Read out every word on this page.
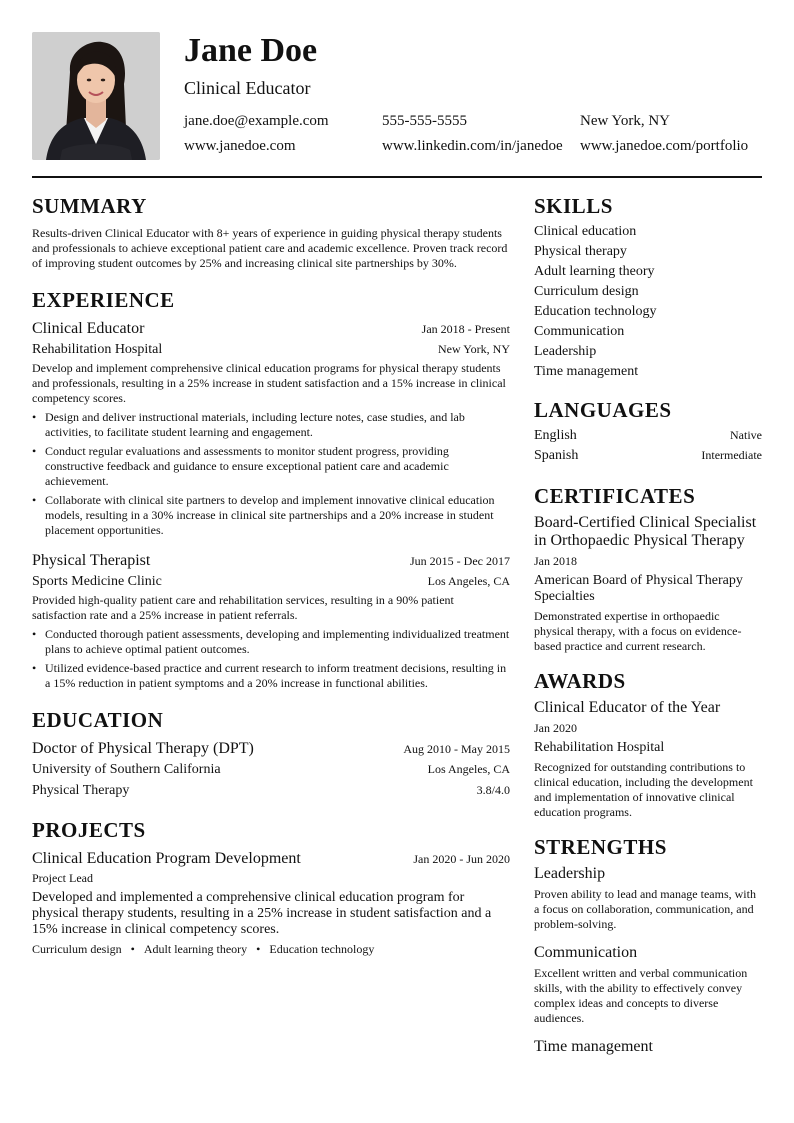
Jane Doe
Clinical Educator
jane.doe@example.com	555-555-5555	New York, NY
www.janedoe.com	www.linkedin.com/in/janedoe www.janedoe.com/portfolio
SUMMARY

Results-driven Clinical Educator with 8+ years of experience in guiding physical therapy students and professionals to achieve exceptional patient care and academic excellence. Proven track record of improving student outcomes by 25% and increasing clinical site partnerships by 30%.

EXPERIENCE
Clinical Educator	Jan 2018 - Present
Rehabilitation Hospital	New York, NY

Develop and implement comprehensive clinical education programs for physical therapy students and professionals, resulting in a 25% increase in student satisfaction and a 15% increase in clinical competency scores.

• Design and deliver instructional materials, including lecture notes, case studies, and lab activities, to facilitate student learning and engagement.
• Conduct regular evaluations and assessments to monitor student progress, providing constructive feedback and guidance to ensure exceptional patient care and academic achievement.
• Collaborate with clinical site partners to develop and implement innovative clinical education models, resulting in a 30% increase in clinical site partnerships and a 20% increase in student placement opportunities.
Physical Therapist	Jun 2015 - Dec 2017
Sports Medicine Clinic	Los Angeles, CA

Provided high-quality patient care and rehabilitation services, resulting in a 90% patient satisfaction rate and a 25% increase in patient referrals.

• Conducted thorough patient assessments, developing and implementing individualized treatment plans to achieve optimal patient outcomes.
• Utilized evidence-based practice and current research to inform treatment decisions, resulting in a 15% reduction in patient symptoms and a 20% increase in functional abilities.
EDUCATION
Doctor of Physical Therapy (DPT)	Aug 2010 - May 2015
University of Southern California	Los Angeles, CA
Physical Therapy	3.8/4.0
PROJECTS
Clinical Education Program Development	Jan 2020 - Jun 2020
Project Lead

Developed and implemented a comprehensive clinical education program for physical therapy students, resulting in a 25% increase in student satisfaction and a 15% increase in clinical competency scores.

Curriculum design • Adult learning theory • Education technology
SKILLS
Clinical education
Physical therapy
Adult learning theory
Curriculum design
Education technology
Communication
Leadership
Time management
LANGUAGES
English	Native
Spanish	Intermediate
CERTIFICATES
Board-Certified Clinical Specialist in Orthopaedic Physical Therapy
Jan 2018
American Board of Physical Therapy Specialties

Demonstrated expertise in orthopaedic physical therapy, with a focus on evidence-based practice and current research.

AWARDS
Clinical Educator of the Year
Jan 2020
Rehabilitation Hospital

Recognized for outstanding contributions to clinical education, including the development and implementation of innovative clinical education programs.

STRENGTHS
Leadership

Proven ability to lead and manage teams, with a focus on collaboration, communication, and problem-solving.

Communication

Excellent written and verbal communication skills, with the ability to effectively convey complex ideas and concepts to diverse audiences.

Time management
